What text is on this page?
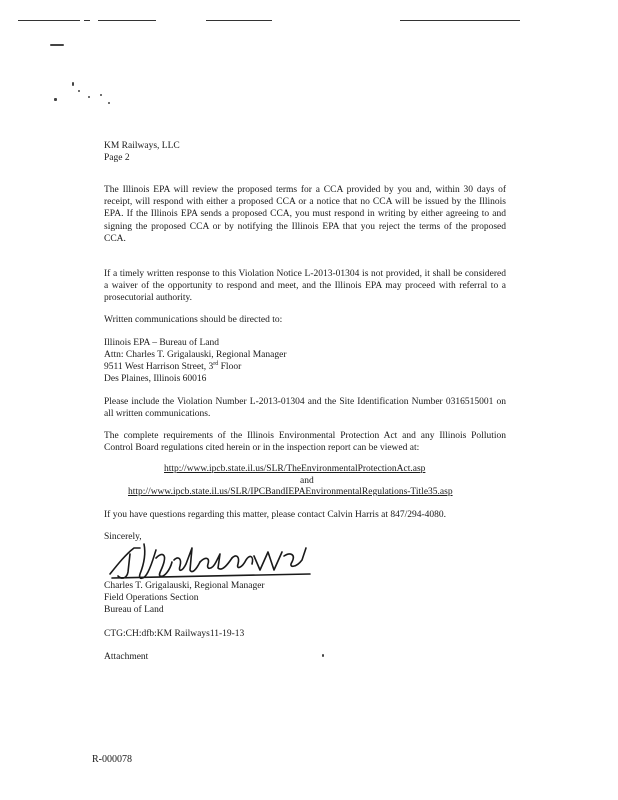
KM Railways, LLC
Page 2
The Illinois EPA will review the proposed terms for a CCA provided by you and, within 30 days of receipt, will respond with either a proposed CCA or a notice that no CCA will be issued by the Illinois EPA. If the Illinois EPA sends a proposed CCA, you must respond in writing by either agreeing to and signing the proposed CCA or by notifying the Illinois EPA that you reject the terms of the proposed CCA.
If a timely written response to this Violation Notice L-2013-01304 is not provided, it shall be considered a waiver of the opportunity to respond and meet, and the Illinois EPA may proceed with referral to a prosecutorial authority.
Written communications should be directed to:
Illinois EPA – Bureau of Land
Attn: Charles T. Grigalauski, Regional Manager
9511 West Harrison Street, 3rd Floor
Des Plaines, Illinois 60016
Please include the Violation Number L-2013-01304 and the Site Identification Number 0316515001 on all written communications.
The complete requirements of the Illinois Environmental Protection Act and any Illinois Pollution Control Board regulations cited herein or in the inspection report can be viewed at:
http://www.ipcb.state.il.us/SLR/TheEnvironmentalProtectionAct.asp
and
http://www.ipcb.state.il.us/SLR/IPCBandIEPAEnvironmentalRegulations-Title35.asp
If you have questions regarding this matter, please contact Calvin Harris at 847/294-4080.
Sincerely,
Charles T. Grigalauski, Regional Manager
Field Operations Section
Bureau of Land
CTG:CH:dfb:KM Railways11-19-13
Attachment
R-000078
